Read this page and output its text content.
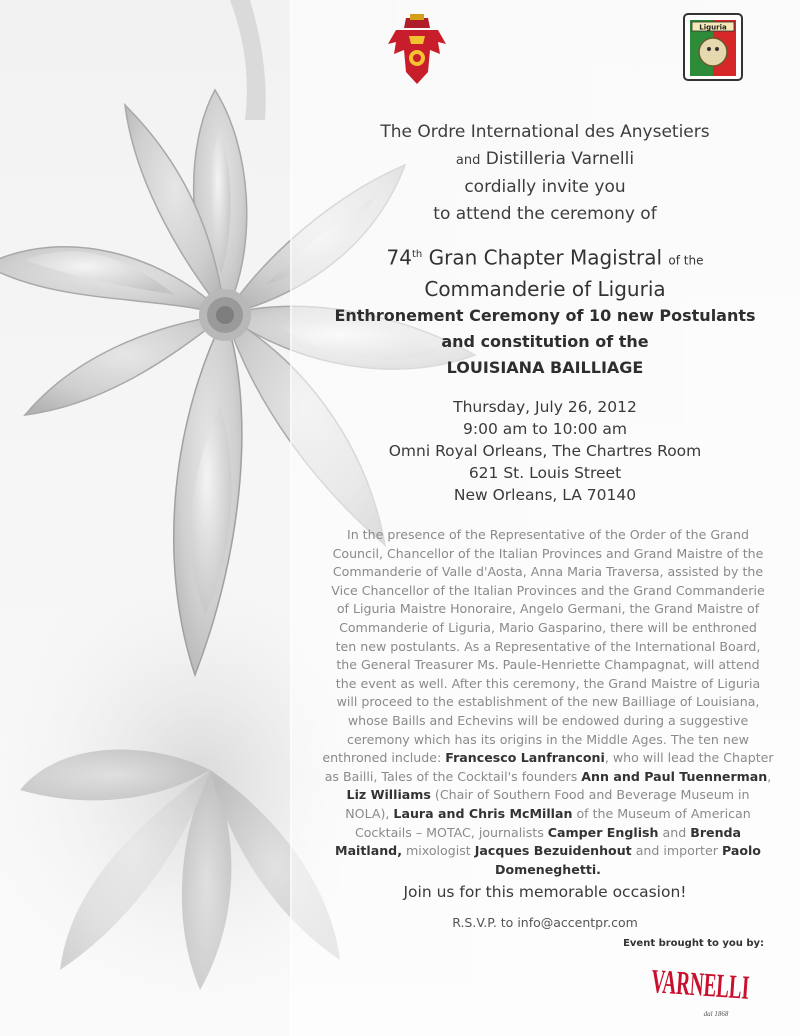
Liguria
The Ordre International des Anysetiers
and Distilleria Varnelli
cordially invite you
to attend the ceremony of
74th Gran Chapter Magistral of the
Commanderie of Liguria
Enthronement Ceremony of 10 new Postulants
and constitution of the
LOUISIANA BAILLIAGE
Thursday, July 26, 2012
9:00 am to 10:00 am
Omni Royal Orleans, The Chartres Room
621 St. Louis Street
New Orleans, LA 70140
In the presence of the Representative of the Order of the Grand
Council, Chancellor of the Italian Provinces and Grand Maistre of the
Commanderie of Valle d'Aosta, Anna Maria Traversa, assisted by the
Vice Chancellor of the Italian Provinces and the Grand Commanderie
of Liguria Maistre Honoraire, Angelo Germani, the Grand Maistre of
Commanderie of Liguria, Mario Gasparino, there will be enthroned
ten new postulants. As a Representative of the International Board,
the General Treasurer Ms. Paule-Henriette Champagnat, will attend
the event as well. After this ceremony, the Grand Maistre of Liguria
will proceed to the establishment of the new Bailliage of Louisiana,
whose Baills and Echevins will be endowed during a suggestive
ceremony which has its origins in the Middle Ages. The ten new
enthroned include: Francesco Lanfranconi, who will lead the Chapter
as Bailli, Tales of the Cocktail's founders Ann and Paul Tuennerman,
Liz Williams (Chair of Southern Food and Beverage Museum in
NOLA), Laura and Chris McMillan of the Museum of American
Cocktails – MOTAC, journalists Camper English and Brenda
Maitland, mixologist Jacques Bezuidenhout and importer Paolo
Domeneghetti.
Join us for this memorable occasion!
R.S.V.P. to info@accentpr.com
Event brought to you by:
VARNELLI
dal 1868
